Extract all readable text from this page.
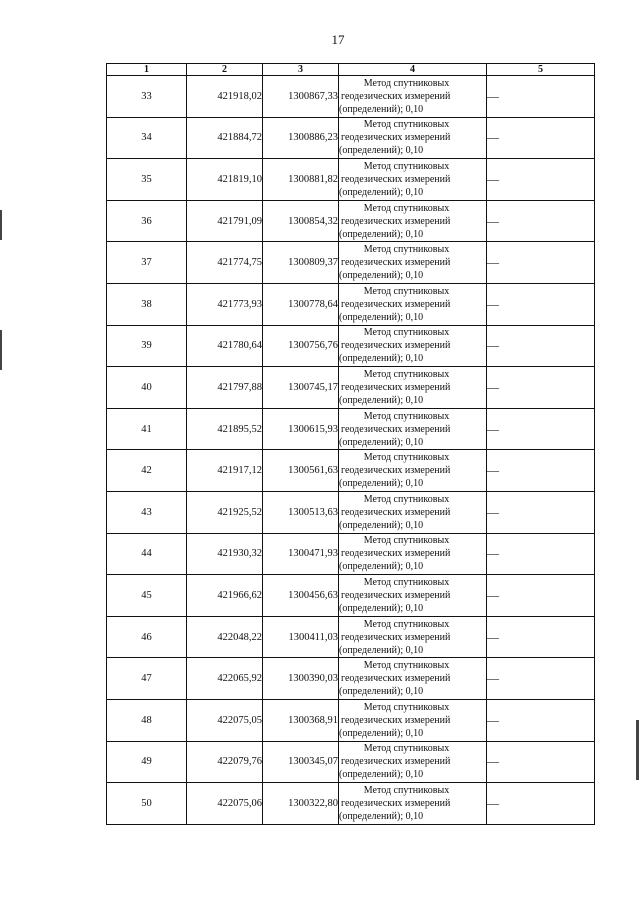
17
1	2	3	4	5
33	421918,02	1300867,33	Метод спутниковых
геодезических измерений
(определений); 0,10	—
34	421884,72	1300886,23	Метод спутниковых
геодезических измерений
(определений); 0,10	—
35	421819,10	1300881,82	Метод спутниковых
геодезических измерений
(определений); 0,10	—
36	421791,09	1300854,32	Метод спутниковых
геодезических измерений
(определений); 0,10	—
37	421774,75	1300809,37	Метод спутниковых
геодезических измерений
(определений); 0,10	—
38	421773,93	1300778,64	Метод спутниковых
геодезических измерений
(определений); 0,10	—
39	421780,64	1300756,76	Метод спутниковых
геодезических измерений
(определений); 0,10	—
40	421797,88	1300745,17	Метод спутниковых
геодезических измерений
(определений); 0,10	—
41	421895,52	1300615,93	Метод спутниковых
геодезических измерений
(определений); 0,10	—
42	421917,12	1300561,63	Метод спутниковых
геодезических измерений
(определений); 0,10	—
43	421925,52	1300513,63	Метод спутниковых
геодезических измерений
(определений); 0,10	—
44	421930,32	1300471,93	Метод спутниковых
геодезических измерений
(определений); 0,10	—
45	421966,62	1300456,63	Метод спутниковых
геодезических измерений
(определений); 0,10	—
46	422048,22	1300411,03	Метод спутниковых
геодезических измерений
(определений); 0,10	—
47	422065,92	1300390,03	Метод спутниковых
геодезических измерений
(определений); 0,10	—
48	422075,05	1300368,91	Метод спутниковых
геодезических измерений
(определений); 0,10	—
49	422079,76	1300345,07	Метод спутниковых
геодезических измерений
(определений); 0,10	—
50	422075,06	1300322,80	Метод спутниковых
геодезических измерений
(определений); 0,10	—
